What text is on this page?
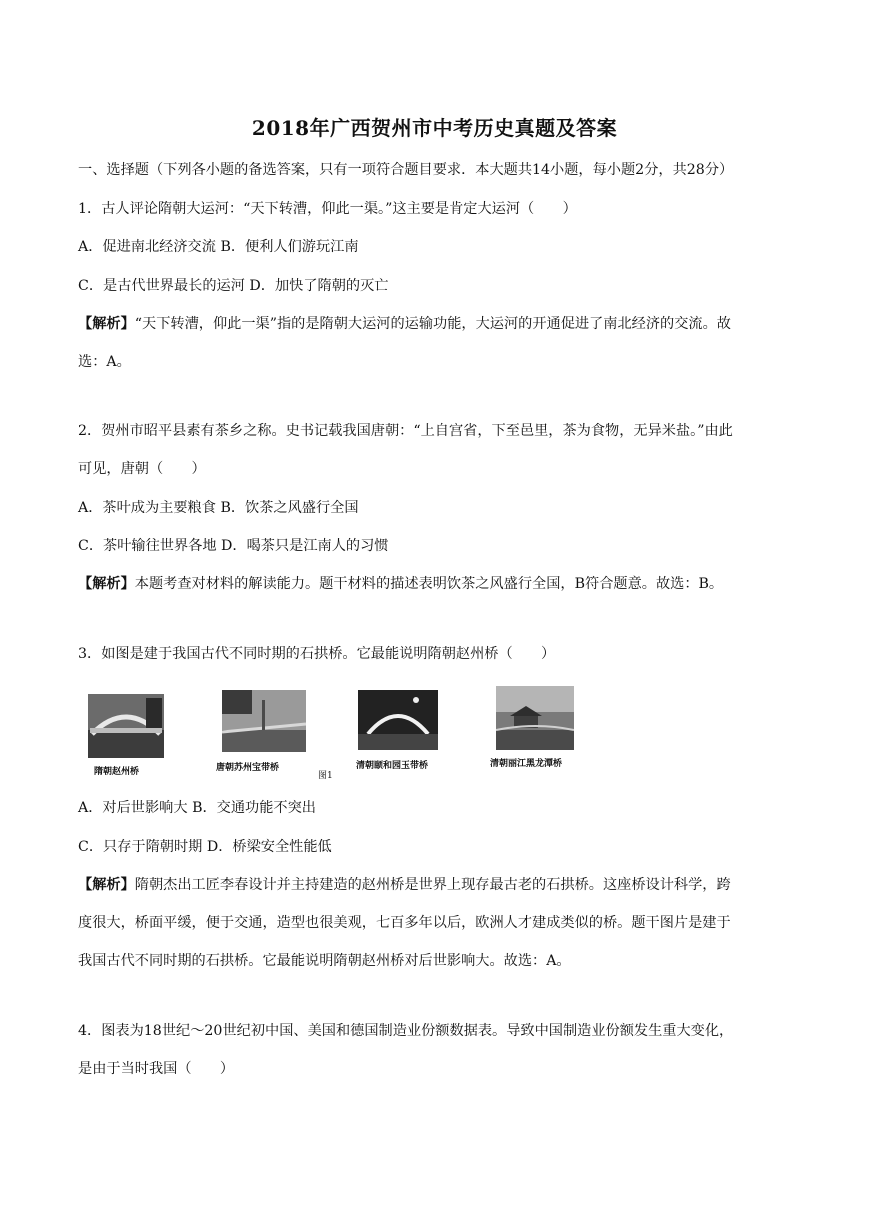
2018年广西贺州市中考历史真题及答案
一、选择题（下列各小题的备选答案，只有一项符合题目要求．本大题共14小题，每小题2分，共28分）
1．古人评论隋朝大运河：“天下转漕，仰此一渠。”这主要是肯定大运河（　　）
A．促进南北经济交流 B．便利人们游玩江南
C．是古代世界最长的运河 D．加快了隋朝的灭亡
【解析】“天下转漕，仰此一渠”指的是隋朝大运河的运输功能，大运河的开通促进了南北经济的交流。故
选：A。
2．贺州市昭平县素有茶乡之称。史书记载我国唐朝：“上自宫省，下至邑里，茶为食物，无异米盐。”由此
可见，唐朝（　　）
A．茶叶成为主要粮食 B．饮茶之风盛行全国
C．茶叶输往世界各地 D．喝茶只是江南人的习惯
【解析】本题考查对材料的解读能力。题干材料的描述表明饮茶之风盛行全国，B符合题意。故选：B。
3．如图是建于我国古代不同时期的石拱桥。它最能说明隋朝赵州桥（　　）
隋朝赵州桥	唐朝苏州宝带桥
图1
清朝颐和园玉带桥	清朝丽江黑龙潭桥
A．对后世影响大 B．交通功能不突出
C．只存于隋朝时期 D．桥梁安全性能低
【解析】隋朝杰出工匠李春设计并主持建造的赵州桥是世界上现存最古老的石拱桥。这座桥设计科学，跨
度很大，桥面平缓，便于交通，造型也很美观，七百多年以后，欧洲人才建成类似的桥。题干图片是建于
我国古代不同时期的石拱桥。它最能说明隋朝赵州桥对后世影响大。故选：A。
4．图表为18世纪～20世纪初中国、美国和德国制造业份额数据表。导致中国制造业份额发生重大变化，
是由于当时我国（　　）
